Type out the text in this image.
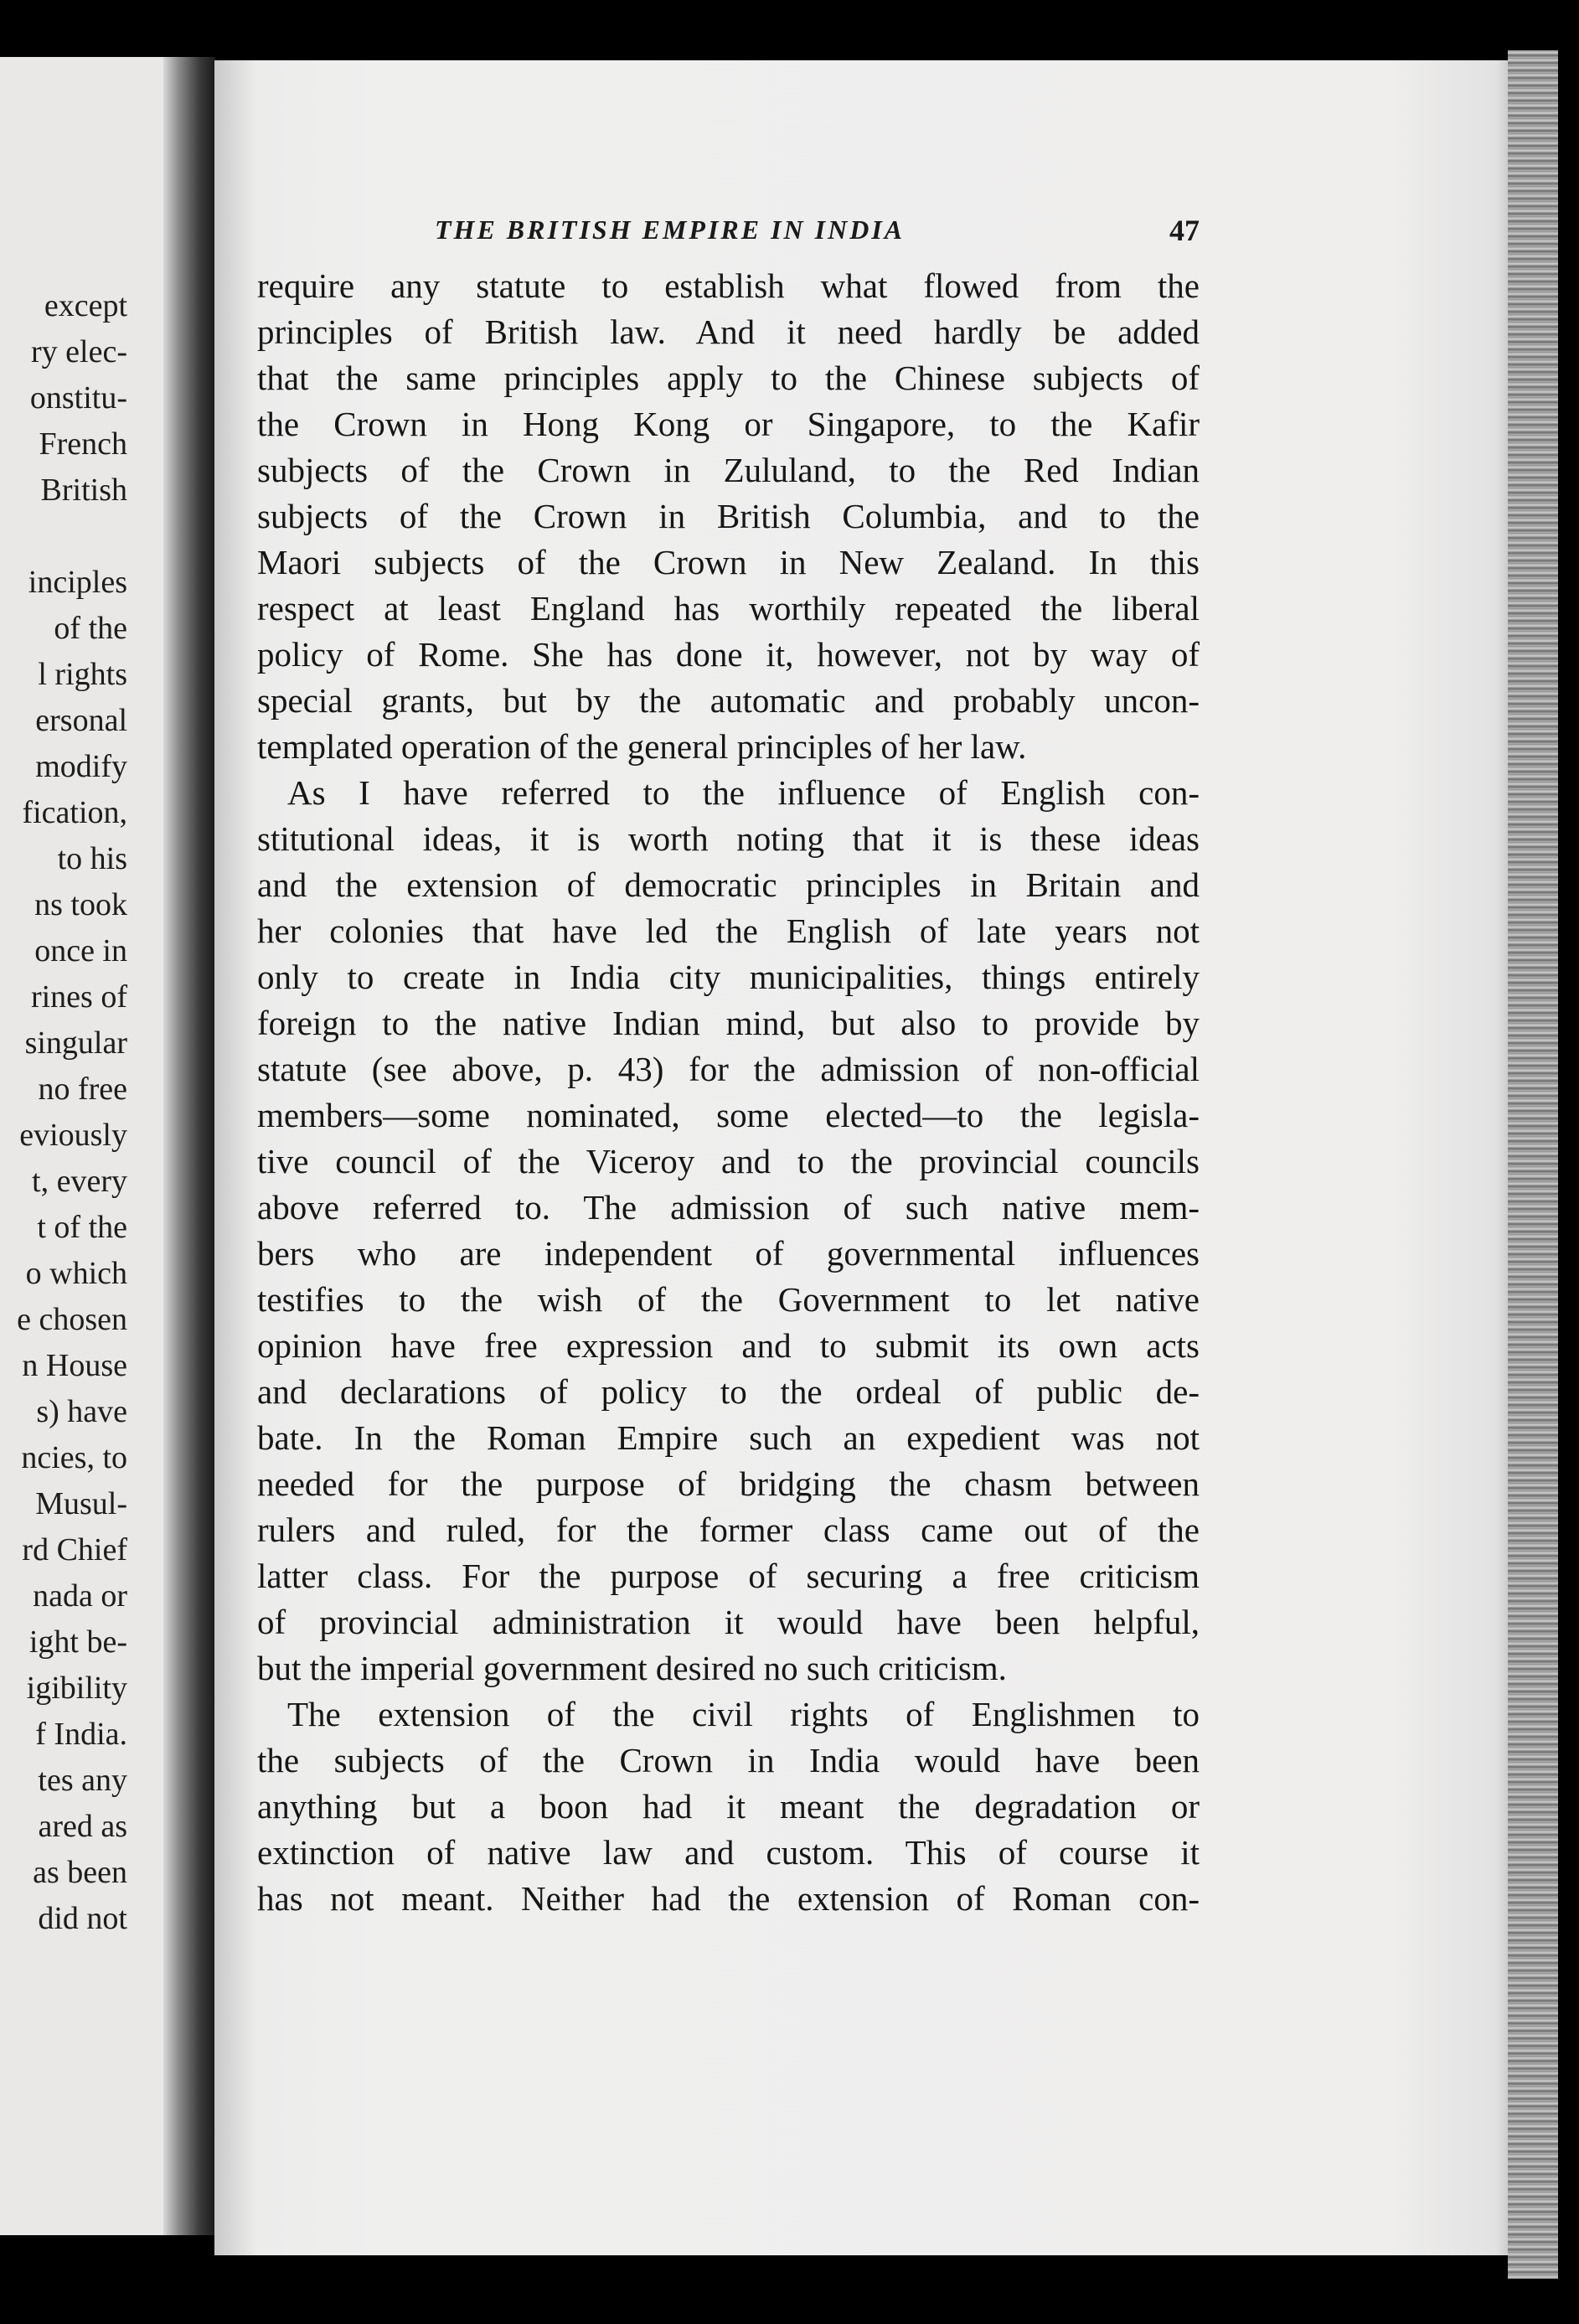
except
ry elec-
onstitu-
French
British
inciples
of the
l rights
ersonal
modify
fication,
to his
ns took
once in
rines of
singular
no free
eviously
t, every
t of the
o which
e chosen
n House
s) have
ncies, to
Musul-
rd Chief
nada or
ight be-
igibility
f India.
tes any
ared as
as been
did not
THE BRITISH EMPIRE IN INDIA	47
require any statute to establish what flowed from the
principles of British law. And it need hardly be added
that the same principles apply to the Chinese subjects of
the Crown in Hong Kong or Singapore, to the Kafir
subjects of the Crown in Zululand, to the Red Indian
subjects of the Crown in British Columbia, and to the
Maori subjects of the Crown in New Zealand. In this
respect at least England has worthily repeated the liberal
policy of Rome. She has done it, however, not by way of
special grants, but by the automatic and probably uncon-
templated operation of the general principles of her law.
As I have referred to the influence of English con-
stitutional ideas, it is worth noting that it is these ideas
and the extension of democratic principles in Britain and
her colonies that have led the English of late years not
only to create in India city municipalities, things entirely
foreign to the native Indian mind, but also to provide by
statute (see above, p. 43) for the admission of non-official
members—some nominated, some elected—to the legisla-
tive council of the Viceroy and to the provincial councils
above referred to. The admission of such native mem-
bers who are independent of governmental influences
testifies to the wish of the Government to let native
opinion have free expression and to submit its own acts
and declarations of policy to the ordeal of public de-
bate. In the Roman Empire such an expedient was not
needed for the purpose of bridging the chasm between
rulers and ruled, for the former class came out of the
latter class. For the purpose of securing a free criticism
of provincial administration it would have been helpful,
but the imperial government desired no such criticism.
The extension of the civil rights of Englishmen to
the subjects of the Crown in India would have been
anything but a boon had it meant the degradation or
extinction of native law and custom. This of course it
has not meant. Neither had the extension of Roman con-
